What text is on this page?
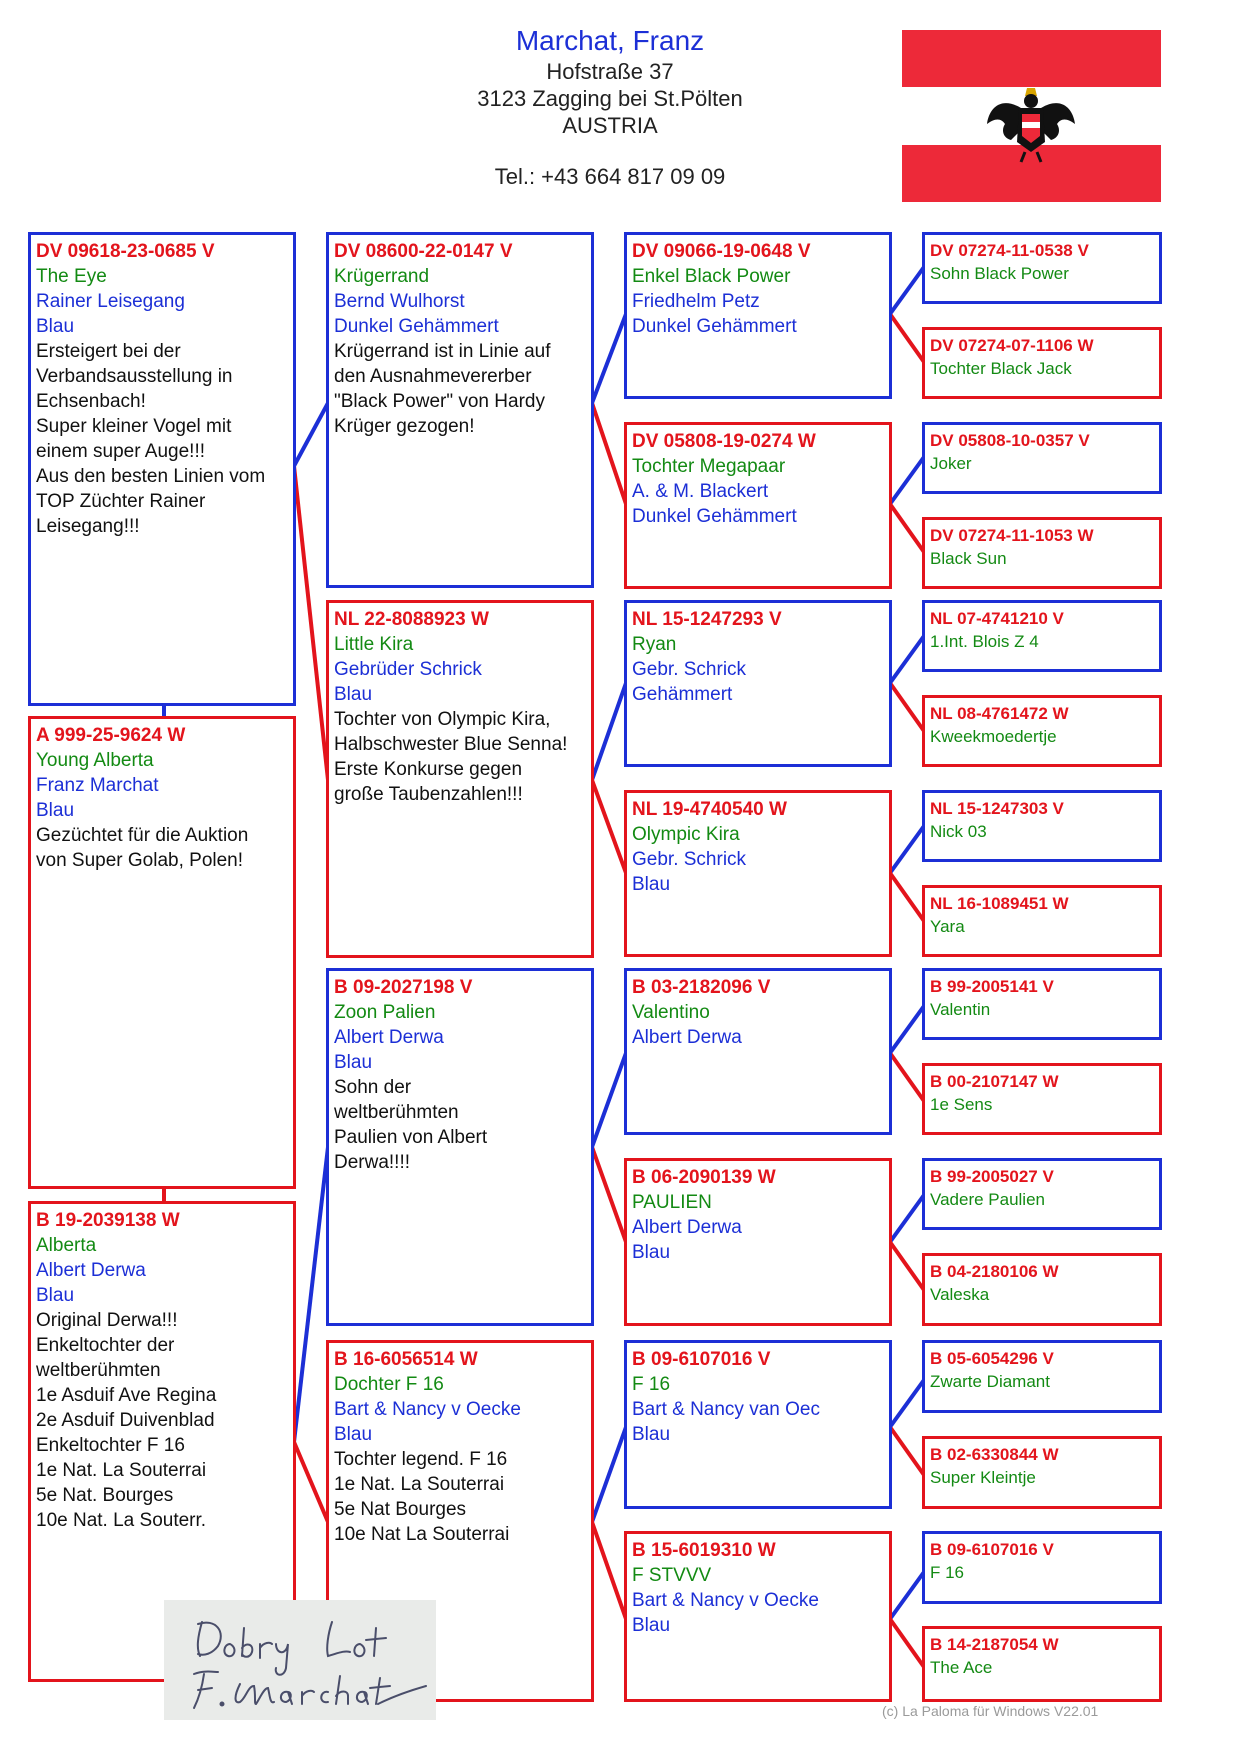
Marchat, Franz
Hofstraße 37
3123 Zagging bei St.Pölten
AUSTRIA
Tel.: +43 664 817 09 09
DV 09618-23-0685 V
The Eye
Rainer Leisegang
Blau
Ersteigert bei der
Verbandsausstellung in
Echsenbach!
Super kleiner Vogel mit
einem super Auge!!!
Aus den besten Linien vom
TOP Züchter Rainer
Leisegang!!!
A 999-25-9624 W
Young Alberta
Franz Marchat
Blau
Gezüchtet für die Auktion
von Super Golab, Polen!
B 19-2039138 W
Alberta
Albert Derwa
Blau
Original Derwa!!!
Enkeltochter der
weltberühmten
1e Asduif Ave Regina
2e Asduif Duivenblad
Enkeltochter F 16
1e Nat. La Souterrai
5e Nat. Bourges
10e Nat. La Souterr.
DV 08600-22-0147 V
Krügerrand
Bernd Wulhorst
Dunkel Gehämmert
Krügerrand ist in Linie auf
den Ausnahmevererber
"Black Power" von Hardy
Krüger gezogen!
NL 22-8088923 W
Little Kira
Gebrüder Schrick
Blau
Tochter von Olympic Kira,
Halbschwester Blue Senna!
Erste Konkurse gegen
große Taubenzahlen!!!
B 09-2027198 V
Zoon Palien
Albert Derwa
Blau
Sohn der
weltberühmten
Paulien von Albert
Derwa!!!!
B 16-6056514 W
Dochter F 16
Bart & Nancy v Oecke
Blau
Tochter legend. F 16
1e Nat. La Souterrai
5e Nat Bourges
10e Nat La Souterrai
DV 09066-19-0648 V
Enkel Black Power
Friedhelm Petz
Dunkel Gehämmert
DV 05808-19-0274 W
Tochter Megapaar
A. & M. Blackert
Dunkel Gehämmert
NL 15-1247293 V
Ryan
Gebr. Schrick
Gehämmert
NL 19-4740540 W
Olympic Kira
Gebr. Schrick
Blau
B 03-2182096 V
Valentino
Albert Derwa
B 06-2090139 W
PAULIEN
Albert Derwa
Blau
B 09-6107016 V
F 16
Bart & Nancy van Oec
Blau
B 15-6019310 W
F STVVV
Bart & Nancy v Oecke
Blau
DV 07274-11-0538 V
Sohn Black Power
DV 07274-07-1106 W
Tochter Black Jack
DV 05808-10-0357 V
Joker
DV 07274-11-1053 W
Black Sun
NL 07-4741210 V
1.Int. Blois Z 4
NL 08-4761472 W
Kweekmoedertje
NL 15-1247303 V
Nick 03
NL 16-1089451 W
Yara
B 99-2005141 V
Valentin
B 00-2107147 W
1e Sens
B 99-2005027 V
Vadere Paulien
B 04-2180106 W
Valeska
B 05-6054296 V
Zwarte Diamant
B 02-6330844 W
Super Kleintje
B 09-6107016 V
F 16
B 14-2187054 W
The Ace
(c) La Paloma für Windows V22.01
